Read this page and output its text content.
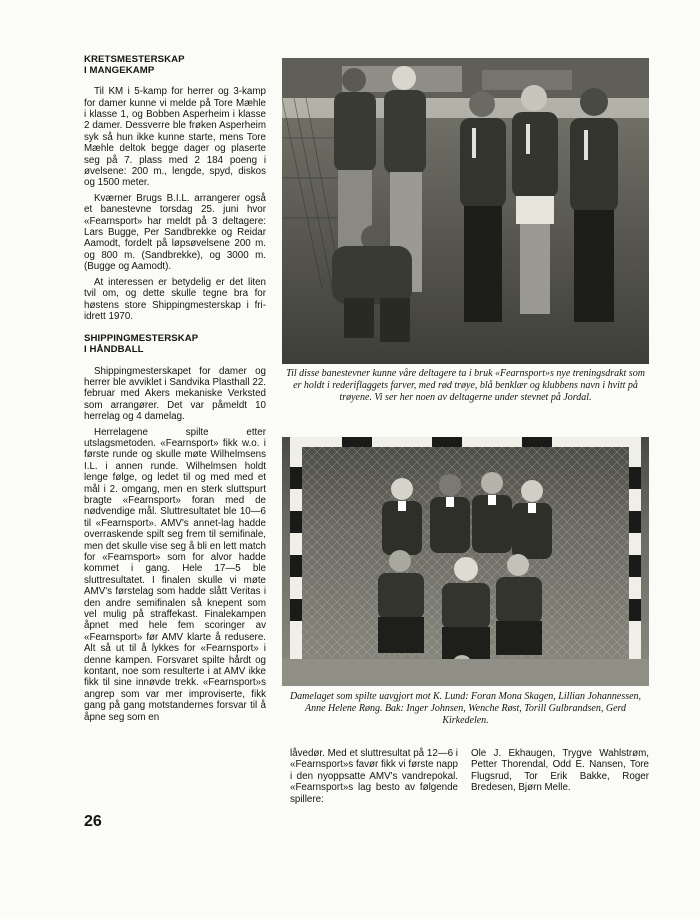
KRETSMESTERSKAP
I MANGEKAMP

Til KM i 5-kamp for herrer og 3-kamp for damer kunne vi melde på Tore Mæhle i klasse 1, og Bobben Asperheim i klasse 2 damer. Dessverre ble frøken Asperheim syk så hun ikke kunne starte, mens Tore Mæhle deltok begge dager og plaserte seg på 7. plass med 2 184 poeng i øvelsene: 200 m., lengde, spyd, diskos og 1500 meter.

Kværner Brugs B.I.L. arrangerer også et banestevne torsdag 25. juni hvor «Fearnsport» har meldt på 3 deltagere: Lars Bugge, Per Sandbrekke og Reidar Aamodt, fordelt på løpsøvelsene 200 m. og 800 m. (Sandbrekke), og 3000 m. (Bugge og Aamodt).

At interessen er betydelig er det liten tvil om, og dette skulle tegne bra for høstens store Shippingmesterskap i fri-idrett 1970.

SHIPPINGMESTERSKAP
I HÅNDBALL

Shippingmesterskapet for damer og herrer ble avviklet i Sandvika Plasthall 22. februar med Akers mekaniske Verksted som arrangører. Det var påmeldt 10 herrelag og 4 damelag.

Herrelagene spilte etter utslagsmetoden. «Fearnsport» fikk w.o. i første runde og skulle møte Wilhelmsens I.L. i annen runde. Wilhelmsen holdt lenge følge, og ledet til og med med et mål i 2. omgang, men en sterk sluttspurt bragte «Fearnsport» foran med de nødvendige mål. Sluttresultatet ble 10—6 til «Fearnsport». AMV's annet-lag hadde overraskende spilt seg frem til semifinale, men det skulle vise seg å bli en lett match for «Fearnsport» som for alvor hadde kommet i gang. Hele 17—5 ble sluttresultatet. I finalen skulle vi møte AMV's førstelag som hadde slått Veritas i den andre semifinalen så knepent som vel mulig på straffekast. Finalekampen åpnet med hele fem scoringer av «Fearnsport» før AMV klarte å redusere. Alt så ut til å lykkes for «Fearnsport» i denne kampen. Forsvaret spilte hårdt og kontant, noe som resulterte i at AMV ikke fikk til sine innøvde trekk. «Fearnsport»s angrep som var mer improviserte, fikk gang på gang motstandernes forsvar til å åpne seg som en

Til disse banestevner kunne våre deltagere ta i bruk «Fearnsport»s nye treningsdrakt som er holdt i rederiflaggets farver, med rød trøye, blå benklær og klubbens navn i hvitt på trøyene. Vi ser her noen av deltagerne under stevnet på Jordal.
Damelaget som spilte uavgjort mot K. Lund: Foran Mona Skagen, Lillian Johannessen, Anne Helene Røng. Bak: Inger Johnsen, Wenche Røst, Torill Gulbrandsen, Gerd Kirkedelen.
låvedør. Med et sluttresultat på 12—6 i «Fearnsport»s favør fikk vi første napp i den nyoppsatte AMV's vandrepokal. «Fearnsport»s lag besto av følgende spillere:
Ole J. Ekhaugen, Trygve Wahlstrøm, Petter Thorendal, Odd E. Nansen, Tore Flugsrud, Tor Erik Bakke, Roger Bredesen, Bjørn Melle.
26
